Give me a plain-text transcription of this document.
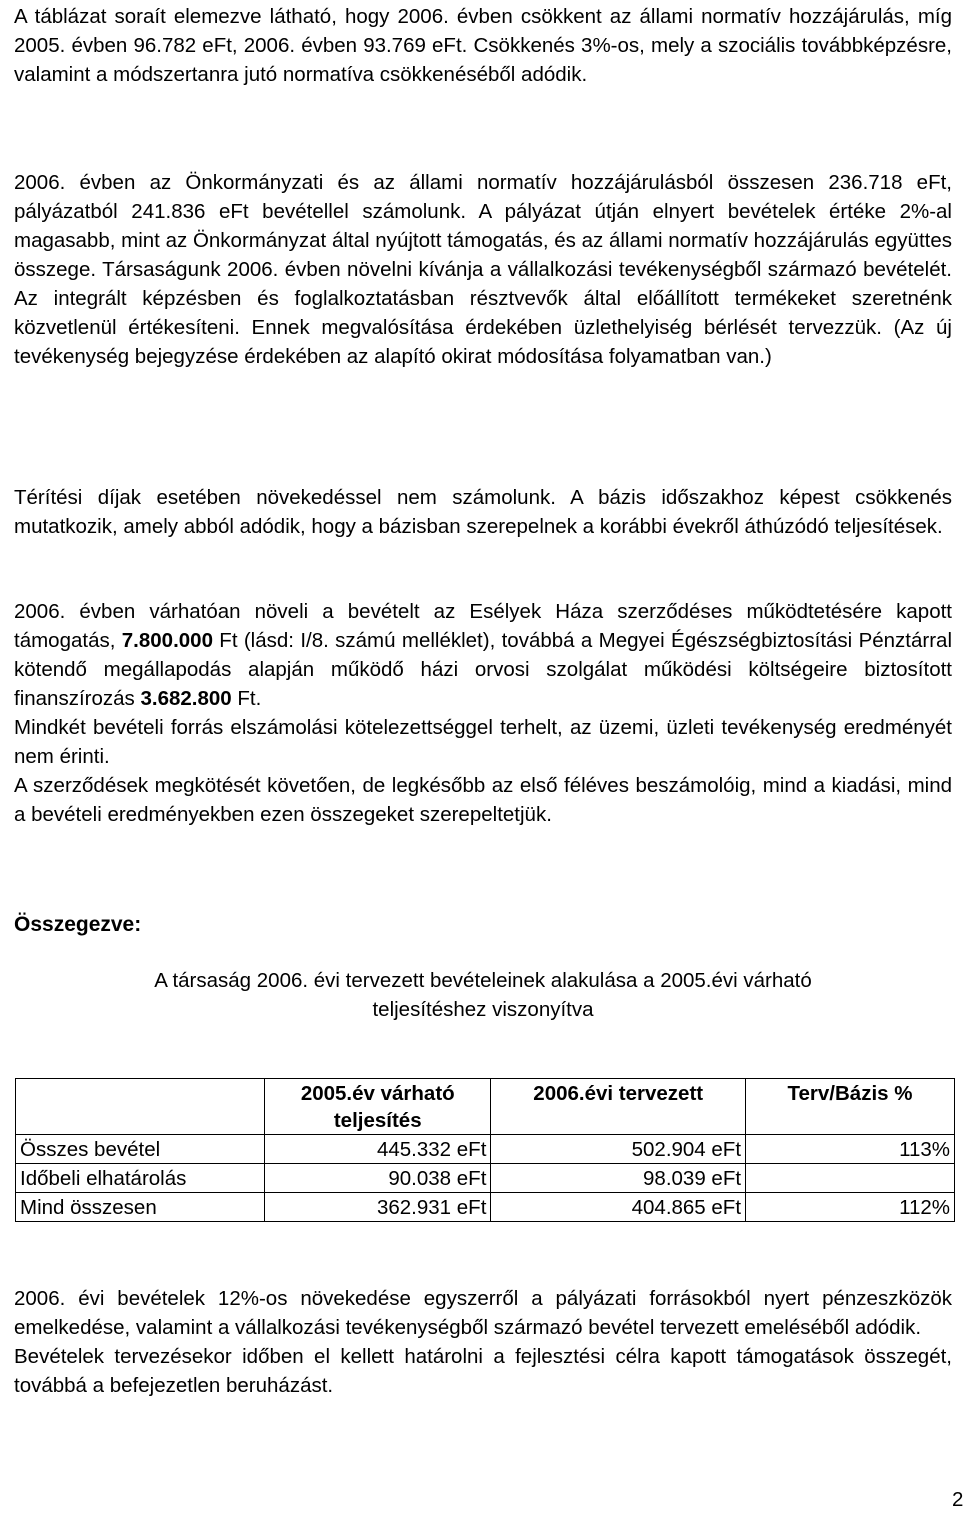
A táblázat soraít elemezve látható, hogy 2006. évben csökkent az állami normatív hozzájárulás, míg 2005. évben 96.782 eFt, 2006. évben 93.769 eFt. Csökkenés 3%-os, mely a szociális továbbképzésre, valamint a módszertanra jutó normatíva csökkenéséből adódik.

2006. évben az Önkormányzati és az állami normatív hozzájárulásból összesen 236.718 eFt, pályázatból 241.836 eFt bevétellel számolunk. A pályázat útján elnyert bevételek értéke 2%-al magasabb, mint az Önkormányzat által nyújtott támogatás, és az állami normatív hozzájárulás együttes összege. Társaságunk 2006. évben növelni kívánja a vállalkozási tevékenységből származó bevételét. Az integrált képzésben és foglalkoztatásban résztvevők által előállított termékeket szeretnénk közvetlenül értékesíteni. Ennek megvalósítása érdekében üzlethelyiség bérlését tervezzük. (Az új tevékenység bejegyzése érdekében az alapító okirat módosítása folyamatban van.)

Térítési díjak esetében növekedéssel nem számolunk. A bázis időszakhoz képest csökkenés mutatkozik, amely abból adódik, hogy a bázisban szerepelnek a korábbi évekről áthúzódó teljesítések.

2006. évben várhatóan növeli a bevételt az Esélyek Háza szerződéses működtetésére kapott támogatás, 7.800.000 Ft (lásd: I/8. számú melléklet), továbbá a Megyei Égészségbiztosítási Pénztárral kötendő megállapodás alapján működő házi orvosi szolgálat működési költségeire biztosított finanszírozás 3.682.800 Ft.

Mindkét bevételi forrás elszámolási kötelezettséggel terhelt, az üzemi, üzleti tevékenység eredményét nem érinti.

A szerződések megkötését követően, de legkésőbb az első féléves beszámolóig, mind a kiadási, mind a bevételi eredményekben ezen összegeket szerepeltetjük.

Összegezve:
A társaság 2006. évi tervezett bevételeinek alakulása a 2005.évi várható
teljesítéshez viszonyítva
	2005.év várható teljesítés	2006.évi tervezett	Terv/Bázis %
Összes bevétel	445.332 eFt	502.904 eFt	113%
Időbeli elhatárolás	90.038 eFt	98.039 eFt	
Mind összesen	362.931 eFt	404.865 eFt	112%

2006. évi bevételek 12%-os növekedése egyszerről a pályázati forrásokból nyert pénzeszközök emelkedése, valamint a vállalkozási tevékenységből származó bevétel tervezett emeléséből adódik.

Bevételek tervezésekor időben el kellett határolni a fejlesztési célra kapott támogatások összegét, továbbá a befejezetlen beruházást.

2
